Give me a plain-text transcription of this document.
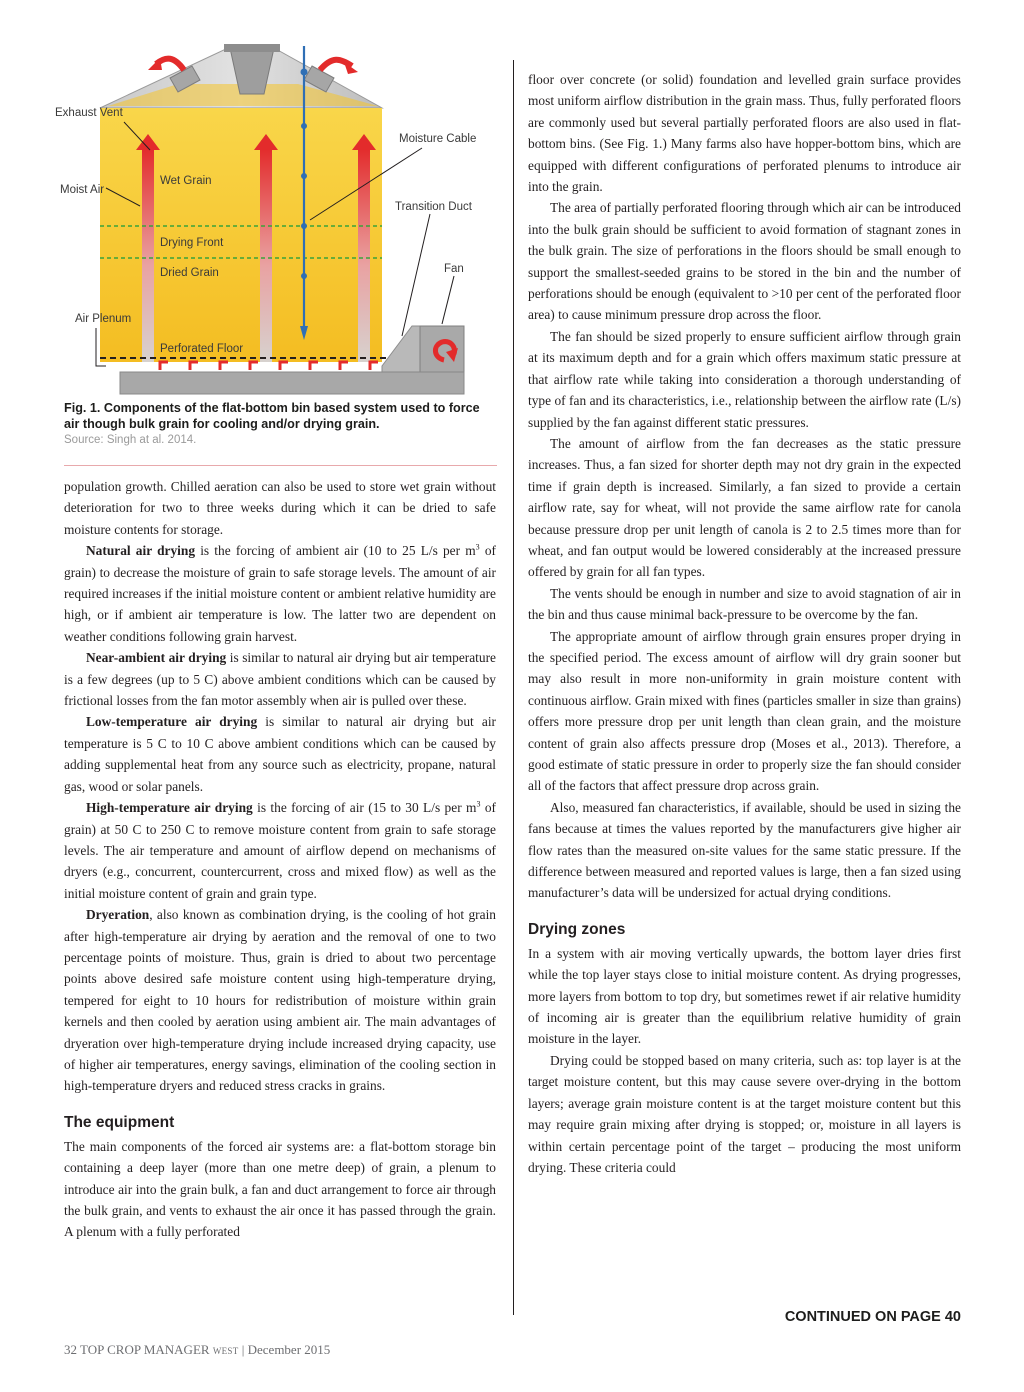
Exhaust Vent
Moist Air
Air Plenum
Wet Grain
Drying Front
Dried Grain
Perforated Floor
Moisture Cable
Transition Duct
Fan
Fig. 1. Components of the flat-bottom bin based system used to force air though bulk grain for cooling and/or drying grain.
Source: Singh at al. 2014.

population growth. Chilled aeration can also be used to store wet grain without deterioration for two to three weeks during which it can be dried to safe moisture contents for storage.

Natural air drying is the forcing of ambient air (10 to 25 L/s per $m^3$ of grain) to decrease the moisture of grain to safe storage levels. The amount of air required increases if the initial moisture content or ambient relative humidity are high, or if ambient air temperature is low. The latter two are dependent on weather conditions following grain harvest.

Near-ambient air drying is similar to natural air drying but air temperature is a few degrees (up to 5 C) above ambient conditions which can be caused by frictional losses from the fan motor assembly when air is pulled over these.

Low-temperature air drying is similar to natural air drying but air temperature is 5 C to 10 C above ambient conditions which can be caused by adding supplemental heat from any source such as electricity, propane, natural gas, wood or solar panels.

High-temperature air drying is the forcing of air (15 to 30 L/s per $m^3$ of grain) at 50 C to 250 C to remove moisture content from grain to safe storage levels. The air temperature and amount of airflow depend on mechanisms of dryers (e.g., concurrent, countercurrent, cross and mixed flow) as well as the initial moisture content of grain and grain type.

Dryeration, also known as combination drying, is the cooling of hot grain after high-temperature air drying by aeration and the removal of one to two percentage points of moisture. Thus, grain is dried to about two percentage points above desired safe moisture content using high-temperature drying, tempered for eight to 10 hours for redistribution of moisture within grain kernels and then cooled by aeration using ambient air. The main advantages of dryeration over high-temperature drying include increased drying capacity, use of higher air temperatures, energy savings, elimination of the cooling section in high-temperature dryers and reduced stress cracks in grains.

The equipment

The main components of the forced air systems are: a flat-bottom storage bin containing a deep layer (more than one metre deep) of grain, a plenum to introduce air into the grain bulk, a fan and duct arrangement to force air through the bulk grain, and vents to exhaust the air once it has passed through the grain. A plenum with a fully perforated

floor over concrete (or solid) foundation and levelled grain surface provides most uniform airflow distribution in the grain mass. Thus, fully perforated floors are commonly used but several partially perforated floors are also used in flat-bottom bins. (See Fig. 1.) Many farms also have hopper-bottom bins, which are equipped with different configurations of perforated plenums to introduce air into the grain.

The area of partially perforated flooring through which air can be introduced into the bulk grain should be sufficient to avoid formation of stagnant zones in the bulk grain. The size of perforations in the floors should be small enough to support the smallest-seeded grains to be stored in the bin and the number of perforations should be enough (equivalent to >10 per cent of the perforated floor area) to cause minimum pressure drop across the floor.

The fan should be sized properly to ensure sufficient airflow through grain at its maximum depth and for a grain which offers maximum static pressure at that airflow rate while taking into consideration a thorough understanding of type of fan and its characteristics, i.e., relationship between the airflow rate (L/s) supplied by the fan against different static pressures.

The amount of airflow from the fan decreases as the static pressure increases. Thus, a fan sized for shorter depth may not dry grain in the expected time if grain depth is increased. Similarly, a fan sized to provide a certain airflow rate, say for wheat, will not provide the same airflow rate for canola because pressure drop per unit length of canola is 2 to 2.5 times more than for wheat, and fan output would be lowered considerably at the increased pressure offered by grain for all fan types.

The vents should be enough in number and size to avoid stagnation of air in the bin and thus cause minimal back-pressure to be overcome by the fan.

The appropriate amount of airflow through grain ensures proper drying in the specified period. The excess amount of airflow will dry grain sooner but may also result in more non-uniformity in grain moisture content with continuous airflow. Grain mixed with fines (particles smaller in size than grains) offers more pressure drop per unit length than clean grain, and the moisture content of grain also affects pressure drop (Moses et al., 2013). Therefore, a good estimate of static pressure in order to properly size the fan should consider all of the factors that affect pressure drop across grain.

Also, measured fan characteristics, if available, should be used in sizing the fans because at times the values reported by the manufacturers give higher air flow rates than the measured on-site values for the same static pressure. If the difference between measured and reported values is large, then a fan sized using manufacturer’s data will be undersized for actual drying conditions.

Drying zones

In a system with air moving vertically upwards, the bottom layer dries first while the top layer stays close to initial moisture content. As drying progresses, more layers from bottom to top dry, but sometimes rewet if air relative humidity of incoming air is greater than the equilibrium relative humidity of grain moisture in the layer.

Drying could be stopped based on many criteria, such as: top layer is at the target moisture content, but this may cause severe over-drying in the bottom layers; average grain moisture content is at the target moisture content but this may require grain mixing after drying is stopped; or, moisture in all layers is within certain percentage point of the target – producing the most uniform drying. These criteria could

CONTINUED ON PAGE 40
32 TOP CROP MANAGER WEST | December 2015
